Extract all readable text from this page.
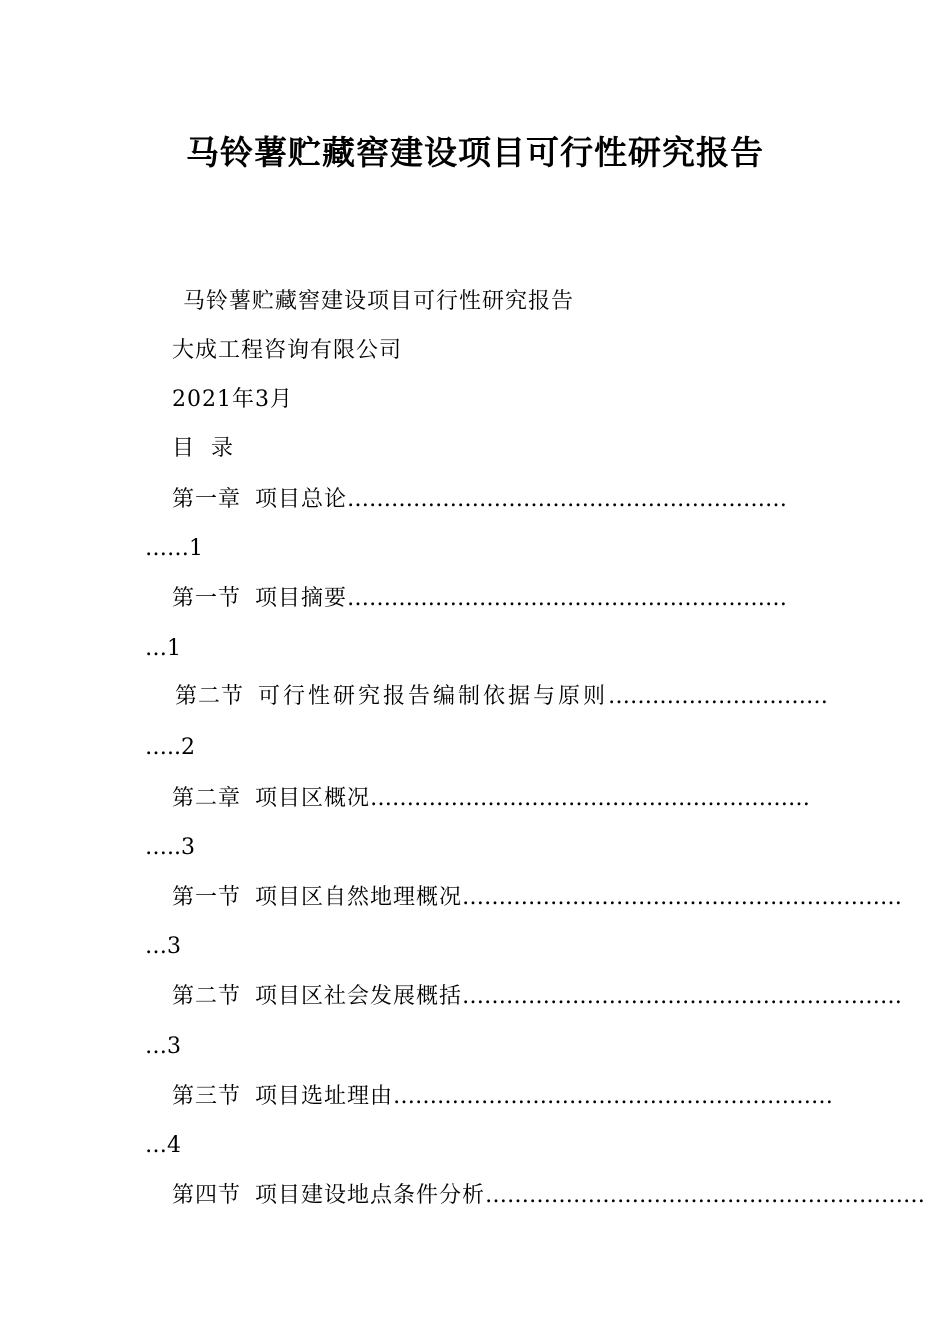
马铃薯贮藏窖建设项目可行性研究报告
马铃薯贮藏窖建设项目可行性研究报告
大成工程咨询有限公司
2021年3月
目  录
第一章 项目总论……………………………………………………
……1
第一节 项目摘要……………………………………………………
…1
第二节 可行性研究报告编制依据与原则…………………………
…..2
第二章 项目区概况……………………………………………………
…..3
第一节 项目区自然地理概况……………………………………………………
…3
第二节 项目区社会发展概括……………………………………………………
…3
第三节 项目选址理由……………………………………………………
…4
第四节 项目建设地点条件分析……………………………………………………
